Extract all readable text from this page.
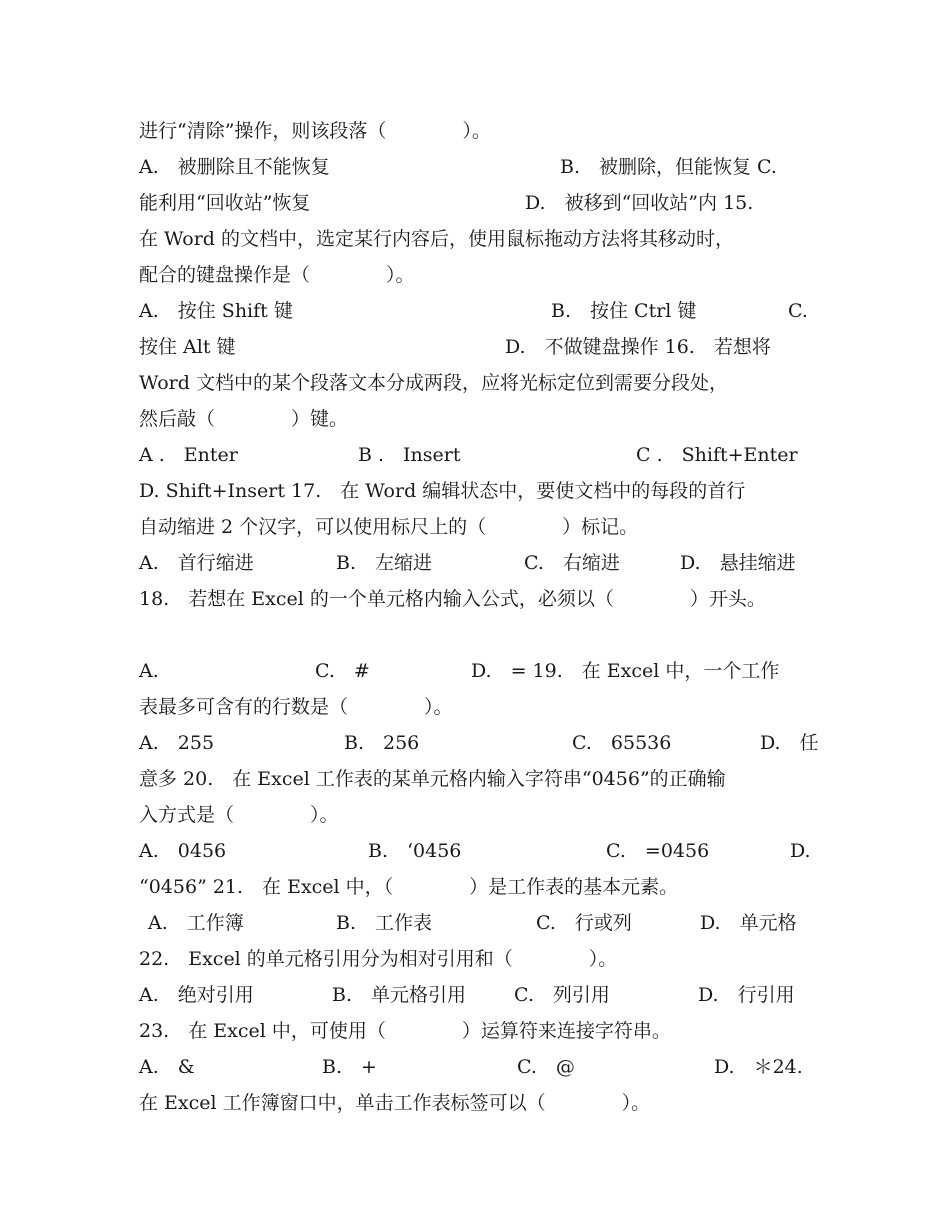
进行“清除”操作，则该段落（　　　　）。
A.　被删除且不能恢复	B.　被删除，但能恢复 C.
能利用“回收站”恢复	D.　被移到“回收站”内 15.
在 Word 的文档中，选定某行内容后，使用鼠标拖动方法将其移动时，
配合的键盘操作是（　　　　）。
A.　按住 Shift 键	B.　按住 Ctrl 键	C.
按住 Alt 键	D.　不做键盘操作 16.　若想将
Word 文档中的某个段落文本分成两段，应将光标定位到需要分段处，
然后敲（　　　　）键。
A .　Enter	B .　Insert	C .　Shift+Enter
D. Shift+Insert 17.　在 Word 编辑状态中，要使文档中的每段的首行
自动缩进 2 个汉字，可以使用标尺上的（　　　　）标记。
A.　首行缩进	B.　左缩进	C.　右缩进	D.　悬挂缩进
18.　若想在 Excel 的一个单元格内输入公式，必须以（　　　　）开头。
A.	C.　#	D.　= 19.　在 Excel 中，一个工作
表最多可含有的行数是（　　　　）。
A.　255	B.　256	C.　65536	D.　任
意多 20.　在 Excel 工作表的某单元格内输入字符串“0456”的正确输
入方式是（　　　　）。
A.　0456	B.　‘0456	C.　=0456	D.
“0456” 21.　在 Excel 中，（　　　　）是工作表的基本元素。
A.　工作簿	B.　工作表	C.　行或列	D.　单元格
22.　Excel 的单元格引用分为相对引用和（　　　　）。
A.　绝对引用	B.　单元格引用	C.　列引用	D.　行引用
23.　在 Excel 中，可使用（　　　　）运算符来连接字符串。
A.　&	B.　+	C.　@	D.　＊24.
在 Excel 工作簿窗口中，单击工作表标签可以（　　　　）。
